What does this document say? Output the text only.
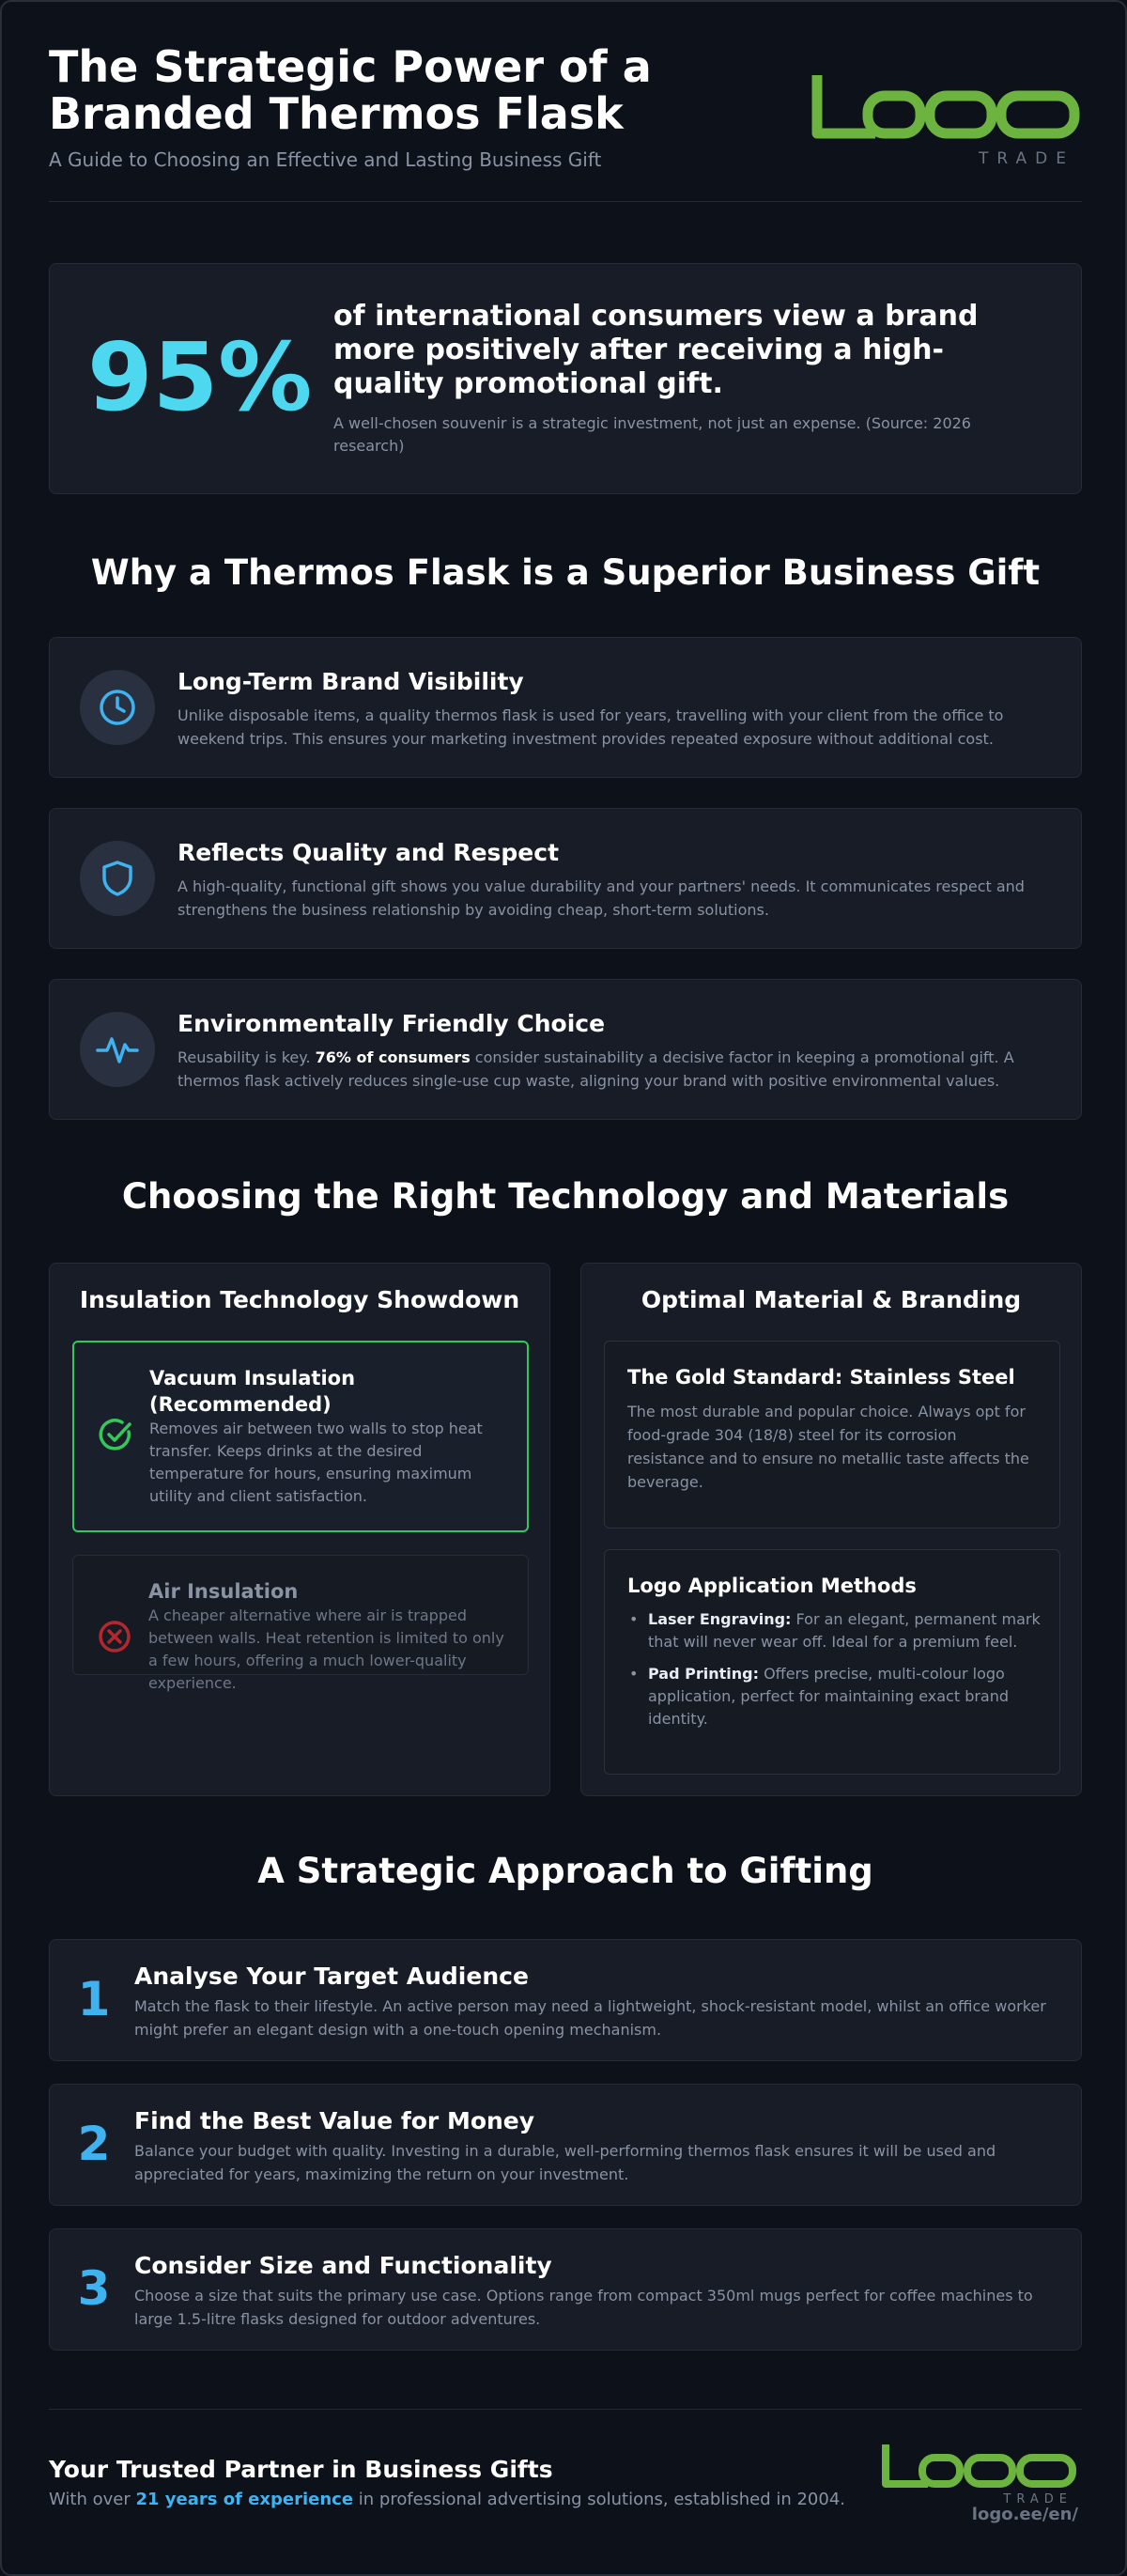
The Strategic Power of a Branded Thermos Flask
A Guide to Choosing an Effective and Lasting Business Gift	TRADE
95%
of international consumers view a brand more positively after receiving a high-quality promotional gift.
A well-chosen souvenir is a strategic investment, not just an expense. (Source: 2026 research)
Why a Thermos Flask is a Superior Business Gift
Long-Term Brand Visibility
Unlike disposable items, a quality thermos flask is used for years, travelling with your client from the office to weekend trips. This ensures your marketing investment provides repeated exposure without additional cost.
Reflects Quality and Respect
A high-quality, functional gift shows you value durability and your partners' needs. It communicates respect and strengthens the business relationship by avoiding cheap, short-term solutions.
Environmentally Friendly Choice
Reusability is key. 76% of consumers consider sustainability a decisive factor in keeping a promotional gift. A thermos flask actively reduces single-use cup waste, aligning your brand with positive environmental values.
Choosing the Right Technology and Materials
Insulation Technology Showdown
Vacuum Insulation (Recommended)
Removes air between two walls to stop heat transfer. Keeps drinks at the desired temperature for hours, ensuring maximum utility and client satisfaction.
Air Insulation
A cheaper alternative where air is trapped between walls. Heat retention is limited to only a few hours, offering a much lower-quality experience.
Optimal Material & Branding
The Gold Standard: Stainless Steel
The most durable and popular choice. Always opt for food-grade 304 (18/8) steel for its corrosion resistance and to ensure no metallic taste affects the beverage.
Logo Application Methods
• Laser Engraving: For an elegant, permanent mark that will never wear off. Ideal for a premium feel.
• Pad Printing: Offers precise, multi-colour logo application, perfect for maintaining exact brand identity.
A Strategic Approach to Gifting
1	Analyse Your Target Audience
Match the flask to their lifestyle. An active person may need a lightweight, shock-resistant model, whilst an office worker might prefer an elegant design with a one-touch opening mechanism.
2	Find the Best Value for Money
Balance your budget with quality. Investing in a durable, well-performing thermos flask ensures it will be used and appreciated for years, maximizing the return on your investment.
3	Consider Size and Functionality
Choose a size that suits the primary use case. Options range from compact 350ml mugs perfect for coffee machines to large 1.5-litre flasks designed for outdoor adventures.
Your Trusted Partner in Business Gifts
With over 21 years of experience in professional advertising solutions, established in 2004.	TRADE
logo.ee/en/
